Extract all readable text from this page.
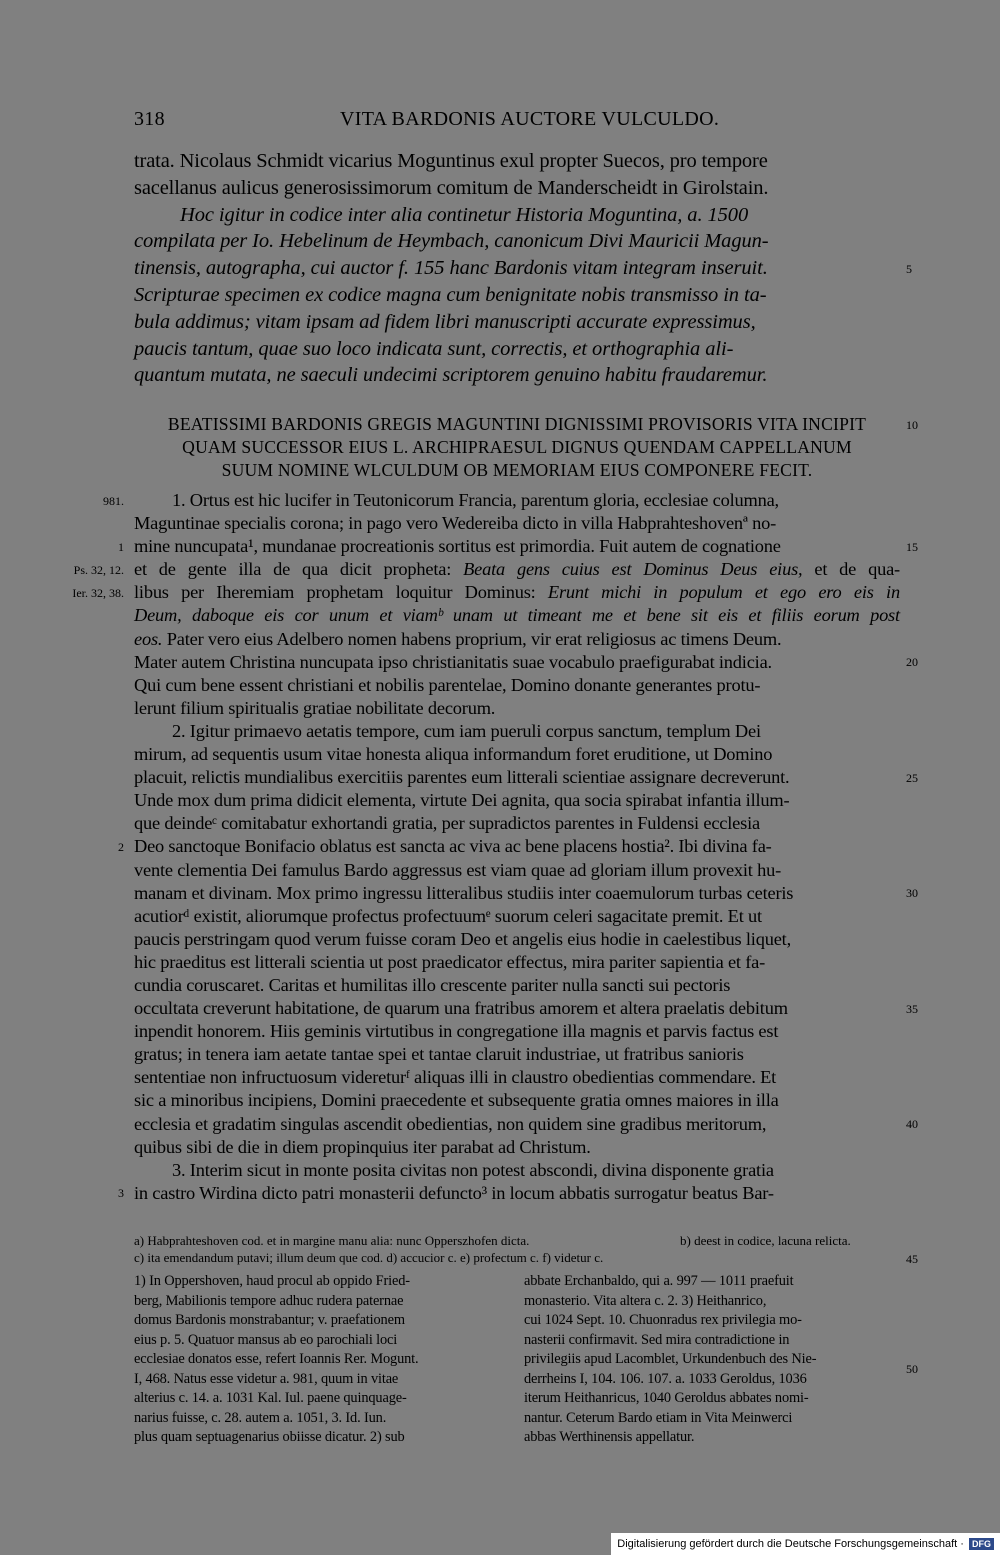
318	VITA BARDONIS AUCTORE VULCULDO.
trata. Nicolaus Schmidt vicarius Moguntinus exul propter Suecos, pro tempore
sacellanus aulicus generosissimorum comitum de Manderscheidt in Girolstain.
Hoc igitur in codice inter alia continetur Historia Moguntina, a. 1500
compilata per Io. Hebelinum de Heymbach, canonicum Divi Mauricii Magun-
tinensis, autographa, cui auctor f. 155 hanc Bardonis vitam integram inseruit.
Scripturae specimen ex codice magna cum benignitate nobis transmisso in ta-
bula addimus; vitam ipsam ad fidem libri manuscripti accurate expressimus,
paucis tantum, quae suo loco indicata sunt, correctis, et orthographia ali-
quantum mutata, ne saeculi undecimi scriptorem genuino habitu fraudaremur.
BEATISSIMI BARDONIS GREGIS MAGUNTINI DIGNISSIMI PROVISORIS VITA INCIPIT
QUAM SUCCESSOR EIUS L. ARCHIPRAESUL DIGNUS QUENDAM CAPPELLANUM
SUUM NOMINE WLCULDUM OB MEMORIAM EIUS COMPONERE FECIT.
1. Ortus est hic lucifer in Teutonicorum Francia, parentum gloria, ecclesiae columna,
Maguntinae specialis corona; in pago vero Wedereiba dicto in villa Habprahteshovenª no-
mine nuncupata¹, mundanae procreationis sortitus est primordia. Fuit autem de cognatione
et de gente illa de qua dicit propheta: Beata gens cuius est Dominus Deus eius, et de qua-
libus per Iheremiam prophetam loquitur Dominus: Erunt michi in populum et ego ero eis in
Deum, daboque eis cor unum et viamᵇ unam ut timeant me et bene sit eis et filiis eorum post
eos. Pater vero eius Adelbero nomen habens proprium, vir erat religiosus ac timens Deum.
Mater autem Christina nuncupata ipso christianitatis suae vocabulo praefigurabat indicia.
Qui cum bene essent christiani et nobilis parentelae, Domino donante generantes protu-
lerunt filium spiritualis gratiae nobilitate decorum.
2. Igitur primaevo aetatis tempore, cum iam pueruli corpus sanctum, templum Dei
mirum, ad sequentis usum vitae honesta aliqua informandum foret eruditione, ut Domino
placuit, relictis mundialibus exercitiis parentes eum litterali scientiae assignare decreverunt.
Unde mox dum prima didicit elementa, virtute Dei agnita, qua socia spirabat infantia illum-
que deindeᶜ comitabatur exhortandi gratia, per supradictos parentes in Fuldensi ecclesia
Deo sanctoque Bonifacio oblatus est sancta ac viva ac bene placens hostia². Ibi divina fa-
vente clementia Dei famulus Bardo aggressus est viam quae ad gloriam illum provexit hu-
manam et divinam. Mox primo ingressu litteralibus studiis inter coaemulorum turbas ceteris
acutiorᵈ existit, aliorumque profectus profectuumᵉ suorum celeri sagacitate premit. Et ut
paucis perstringam quod verum fuisse coram Deo et angelis eius hodie in caelestibus liquet,
hic praeditus est litterali scientia ut post praedicator effectus, mira pariter sapientia et fa-
cundia coruscaret. Caritas et humilitas illo crescente pariter nulla sancti sui pectoris
occultata creverunt habitatione, de quarum una fratribus amorem et altera praelatis debitum
inpendit honorem. Hiis geminis virtutibus in congregatione illa magnis et parvis factus est
gratus; in tenera iam aetate tantae spei et tantae claruit industriae, ut fratribus sanioris
sententiae non infructuosum videreturᶠ aliquas illi in claustro obedientias commendare. Et
sic a minoribus incipiens, Domini praecedente et subsequente gratia omnes maiores in illa
ecclesia et gradatim singulas ascendit obedientias, non quidem sine gradibus meritorum,
quibus sibi de die in diem propinquius iter parabat ad Christum.
3. Interim sicut in monte posita civitas non potest abscondi, divina disponente gratia
in castro Wirdina dicto patri monasterii defuncto³ in locum abbatis surrogatur beatus Bar-
5
10
15
20
25
30
35
40
981.
1
Ps. 32, 12.
Ier. 32, 38.
2
3
a) Habprahteshoven cod. et in margine manu alia: nunc Opperszhofen dicta.	b) deest in codice, lacuna relicta.
c) ita emendandum putavi; illum deum que cod. d) accucior c. e) profectum c. f) videtur c.	45
1) In Oppershoven, haud procul ab oppido Fried-
berg, Mabilionis tempore adhuc rudera paternae
domus Bardonis monstrabantur; v. praefationem
eius p. 5. Quatuor mansus ab eo parochiali loci
ecclesiae donatos esse, refert Ioannis Rer. Mogunt.
I, 468. Natus esse videtur a. 981, quum in vitae
alterius c. 14. a. 1031 Kal. Iul. paene quinquage-
narius fuisse, c. 28. autem a. 1051, 3. Id. Iun.
plus quam septuagenarius obiisse dicatur. 2) sub
abbate Erchanbaldo, qui a. 997 — 1011 praefuit
monasterio. Vita altera c. 2. 3) Heithanrico,
cui 1024 Sept. 10. Chuonradus rex privilegia mo-
nasterii confirmavit. Sed mira contradictione in
privilegiis apud Lacomblet, Urkundenbuch des Nie-
derrheins I, 104. 106. 107. a. 1033 Geroldus, 1036
iterum Heithanricus, 1040 Geroldus abbates nomi-
nantur. Ceterum Bardo etiam in Vita Meinwerci
abbas Werthinensis appellatur.
50
Digitalisierung gefördert durch die Deutsche Forschungsgemeinschaft · DFG
